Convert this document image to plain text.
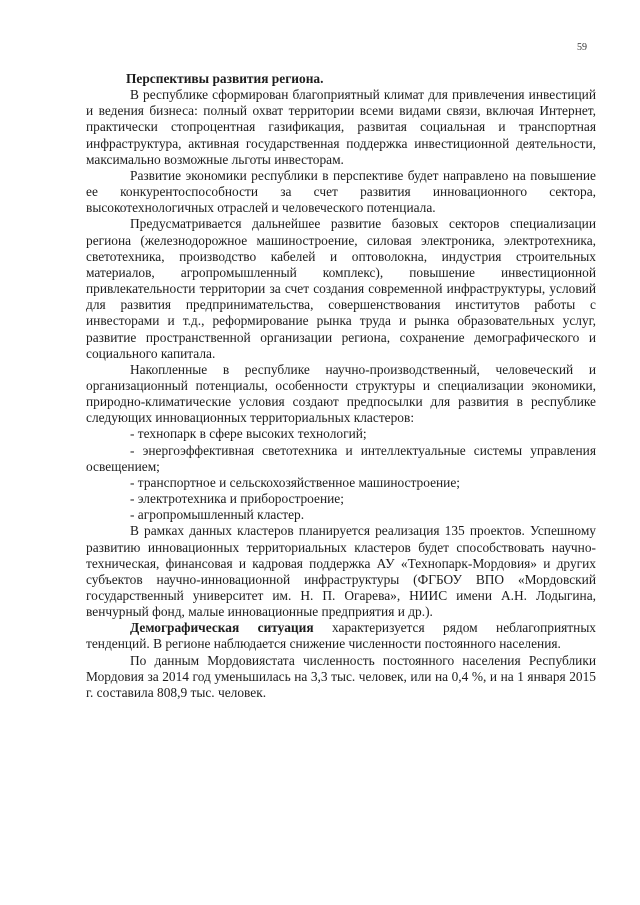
59

Перспективы развития региона.

В республике сформирован благоприятный климат для привлечения инвестиций и ведения бизнеса: полный охват территории всеми видами связи, включая Интернет, практически стопроцентная газификация, развитая социальная и транспортная инфраструктура, активная государственная поддержка инвестиционной деятельности, максимально возможные льготы инвесторам.

Развитие экономики республики в перспективе будет направлено на повышение ее конкурентоспособности за счет развития инновационного сектора, высокотехнологичных отраслей и человеческого потенциала.

Предусматривается дальнейшее развитие базовых секторов специализации региона (железнодорожное машиностроение, силовая электроника, электротехника, светотехника, производство кабелей и оптоволокна, индустрия строительных материалов, агропромышленный комплекс), повышение инвестиционной привлекательности территории за счет создания современной инфраструктуры, условий для развития предпринимательства, совершенствования институтов работы с инвесторами и т.д., реформирование рынка труда и рынка образовательных услуг, развитие пространственной организации региона, сохранение демографического и социального капитала.

Накопленные в республике научно-производственный, человеческий и организационный потенциалы, особенности структуры и специализации экономики, природно-климатические условия создают предпосылки для развития в республике следующих инновационных территориальных кластеров:

- технопарк в сфере высоких технологий;

- энергоэффективная светотехника и интеллектуальные системы управления освещением;

- транспортное и сельскохозяйственное машиностроение;

- электротехника и приборостроение;

- агропромышленный кластер.

В рамках данных кластеров планируется реализация 135 проектов. Успешному развитию инновационных территориальных кластеров будет способствовать научно-техническая, финансовая и кадровая поддержка АУ «Технопарк-Мордовия» и других субъектов научно-инновационной инфраструктуры (ФГБОУ ВПО «Мордовский государственный университет им. Н. П. Огарева», НИИС имени А.Н. Лодыгина, венчурный фонд, малые инновационные предприятия и др.).

Демографическая ситуация характеризуется рядом неблагоприятных тенденций. В регионе наблюдается снижение численности постоянного населения.

По данным Мордовиястата численность постоянного населения Республики Мордовия за 2014 год уменьшилась на 3,3 тыс. человек, или на 0,4 %, и на 1 января 2015 г. составила 808,9 тыс. человек.
